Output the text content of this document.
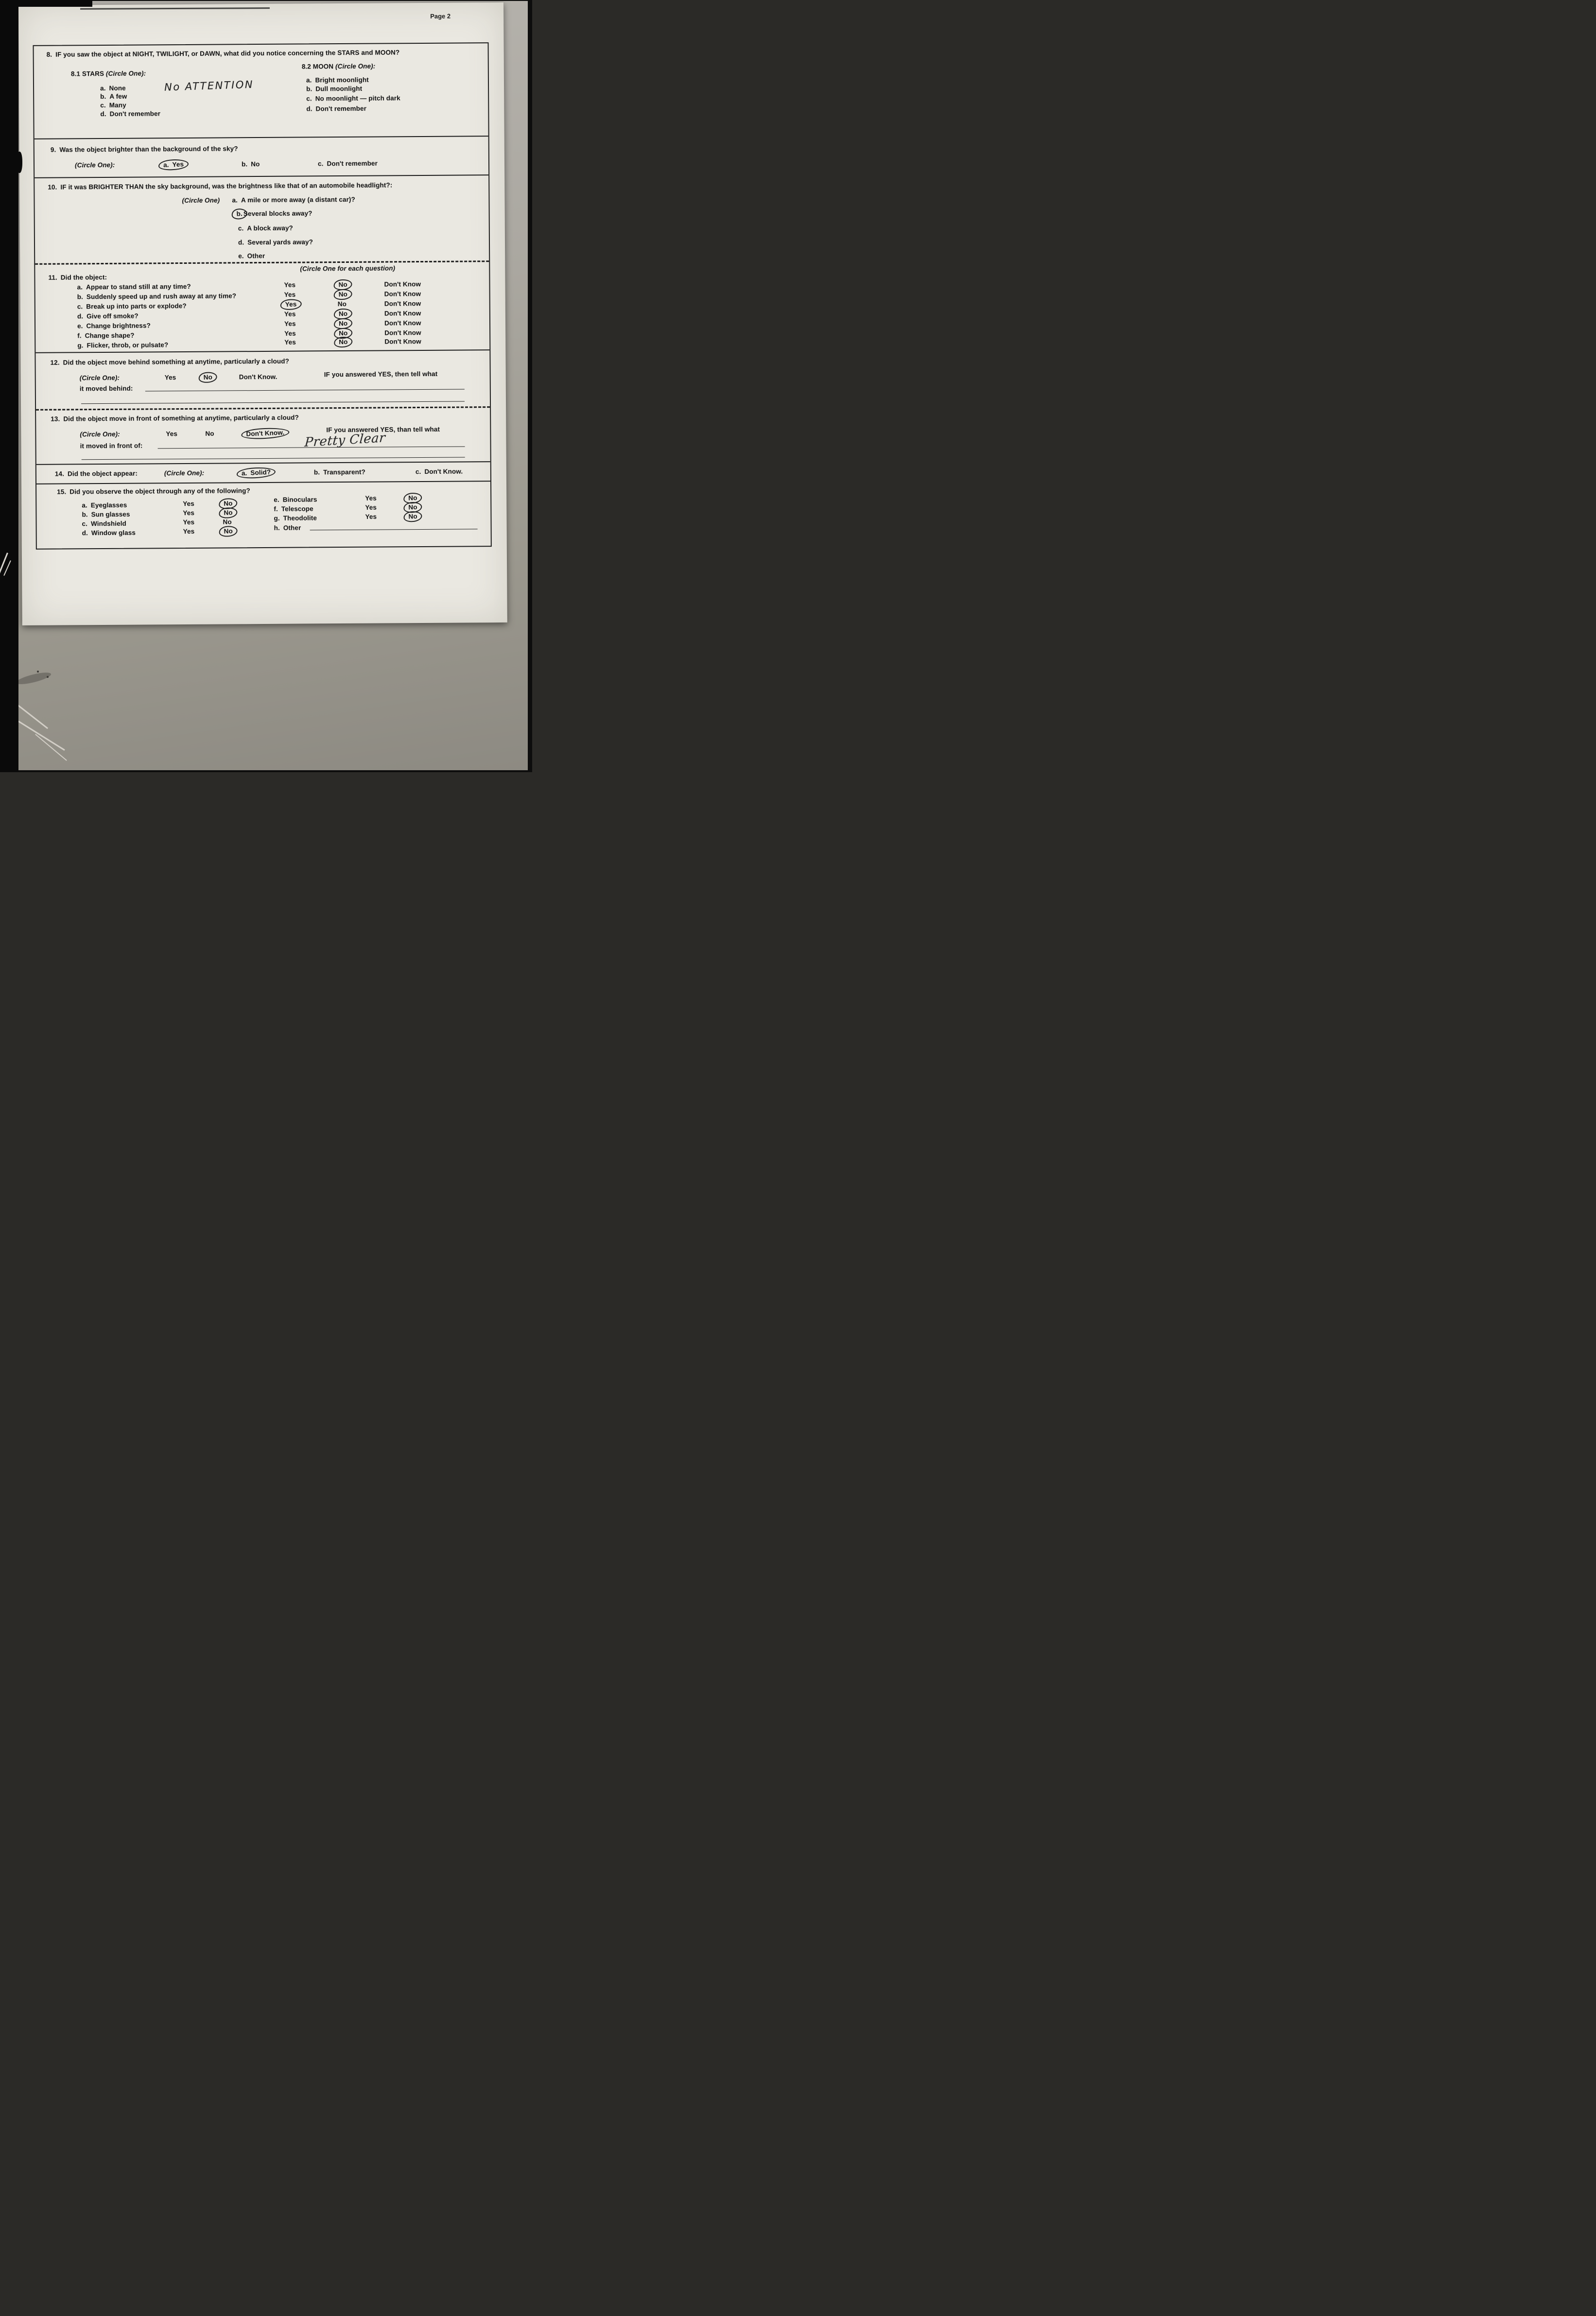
Page 2
8. IF you saw the object at NIGHT, TWILIGHT, or DAWN, what did you notice concerning the STARS and MOON?
8.1 STARS (Circle One):
a. None
b. A few
c. Many
d. Don't remember
No ATTENTION
8.2 MOON (Circle One):
a. Bright moonlight
b. Dull moonlight
c. No moonlight — pitch dark
d. Don't remember
9. Was the object brighter than the background of the sky?
(Circle One):	a. Yes	b. No	c. Don't remember
10. IF it was BRIGHTER THAN the sky background, was the brightness like that of an automobile headlight?:
(Circle One) a. A mile or more away (a distant car)?
b. Several blocks away?
c. A block away?
d. Several yards away?
e. Other
(Circle One for each question)
11. Did the object:
a. Appear to stand still at any time?	Yes	No	Don't Know
b. Suddenly speed up and rush away at any time?	Yes	No	Don't Know
c. Break up into parts or explode?	Yes	No	Don't Know
d. Give off smoke?	Yes	No	Don't Know
e. Change brightness?	Yes	No	Don't Know
f. Change shape?	Yes	No	Don't Know
g. Flicker, throb, or pulsate?	Yes	No	Don't Know
12. Did the object move behind something at anytime, particularly a cloud?
(Circle One):	Yes	No	Don't Know.	IF you answered YES, then tell what
it moved behind:
13. Did the object move in front of something at anytime, particularly a cloud?
(Circle One):	Yes	No	Don't Know.	IF you answered YES, than tell what
it moved in front of:	Pretty Clear
14. Did the object appear:	(Circle One):	a. Solid?	b. Transparent?	c. Don't Know.
15. Did you observe the object through any of the following?
a. Eyeglasses	Yes	No
b. Sun glasses	Yes	No
c. Windshield	Yes	No
d. Window glass	Yes	No
e. Binoculars	Yes	No
f. Telescope	Yes	No
g. Theodolite	Yes	No
h. Other
